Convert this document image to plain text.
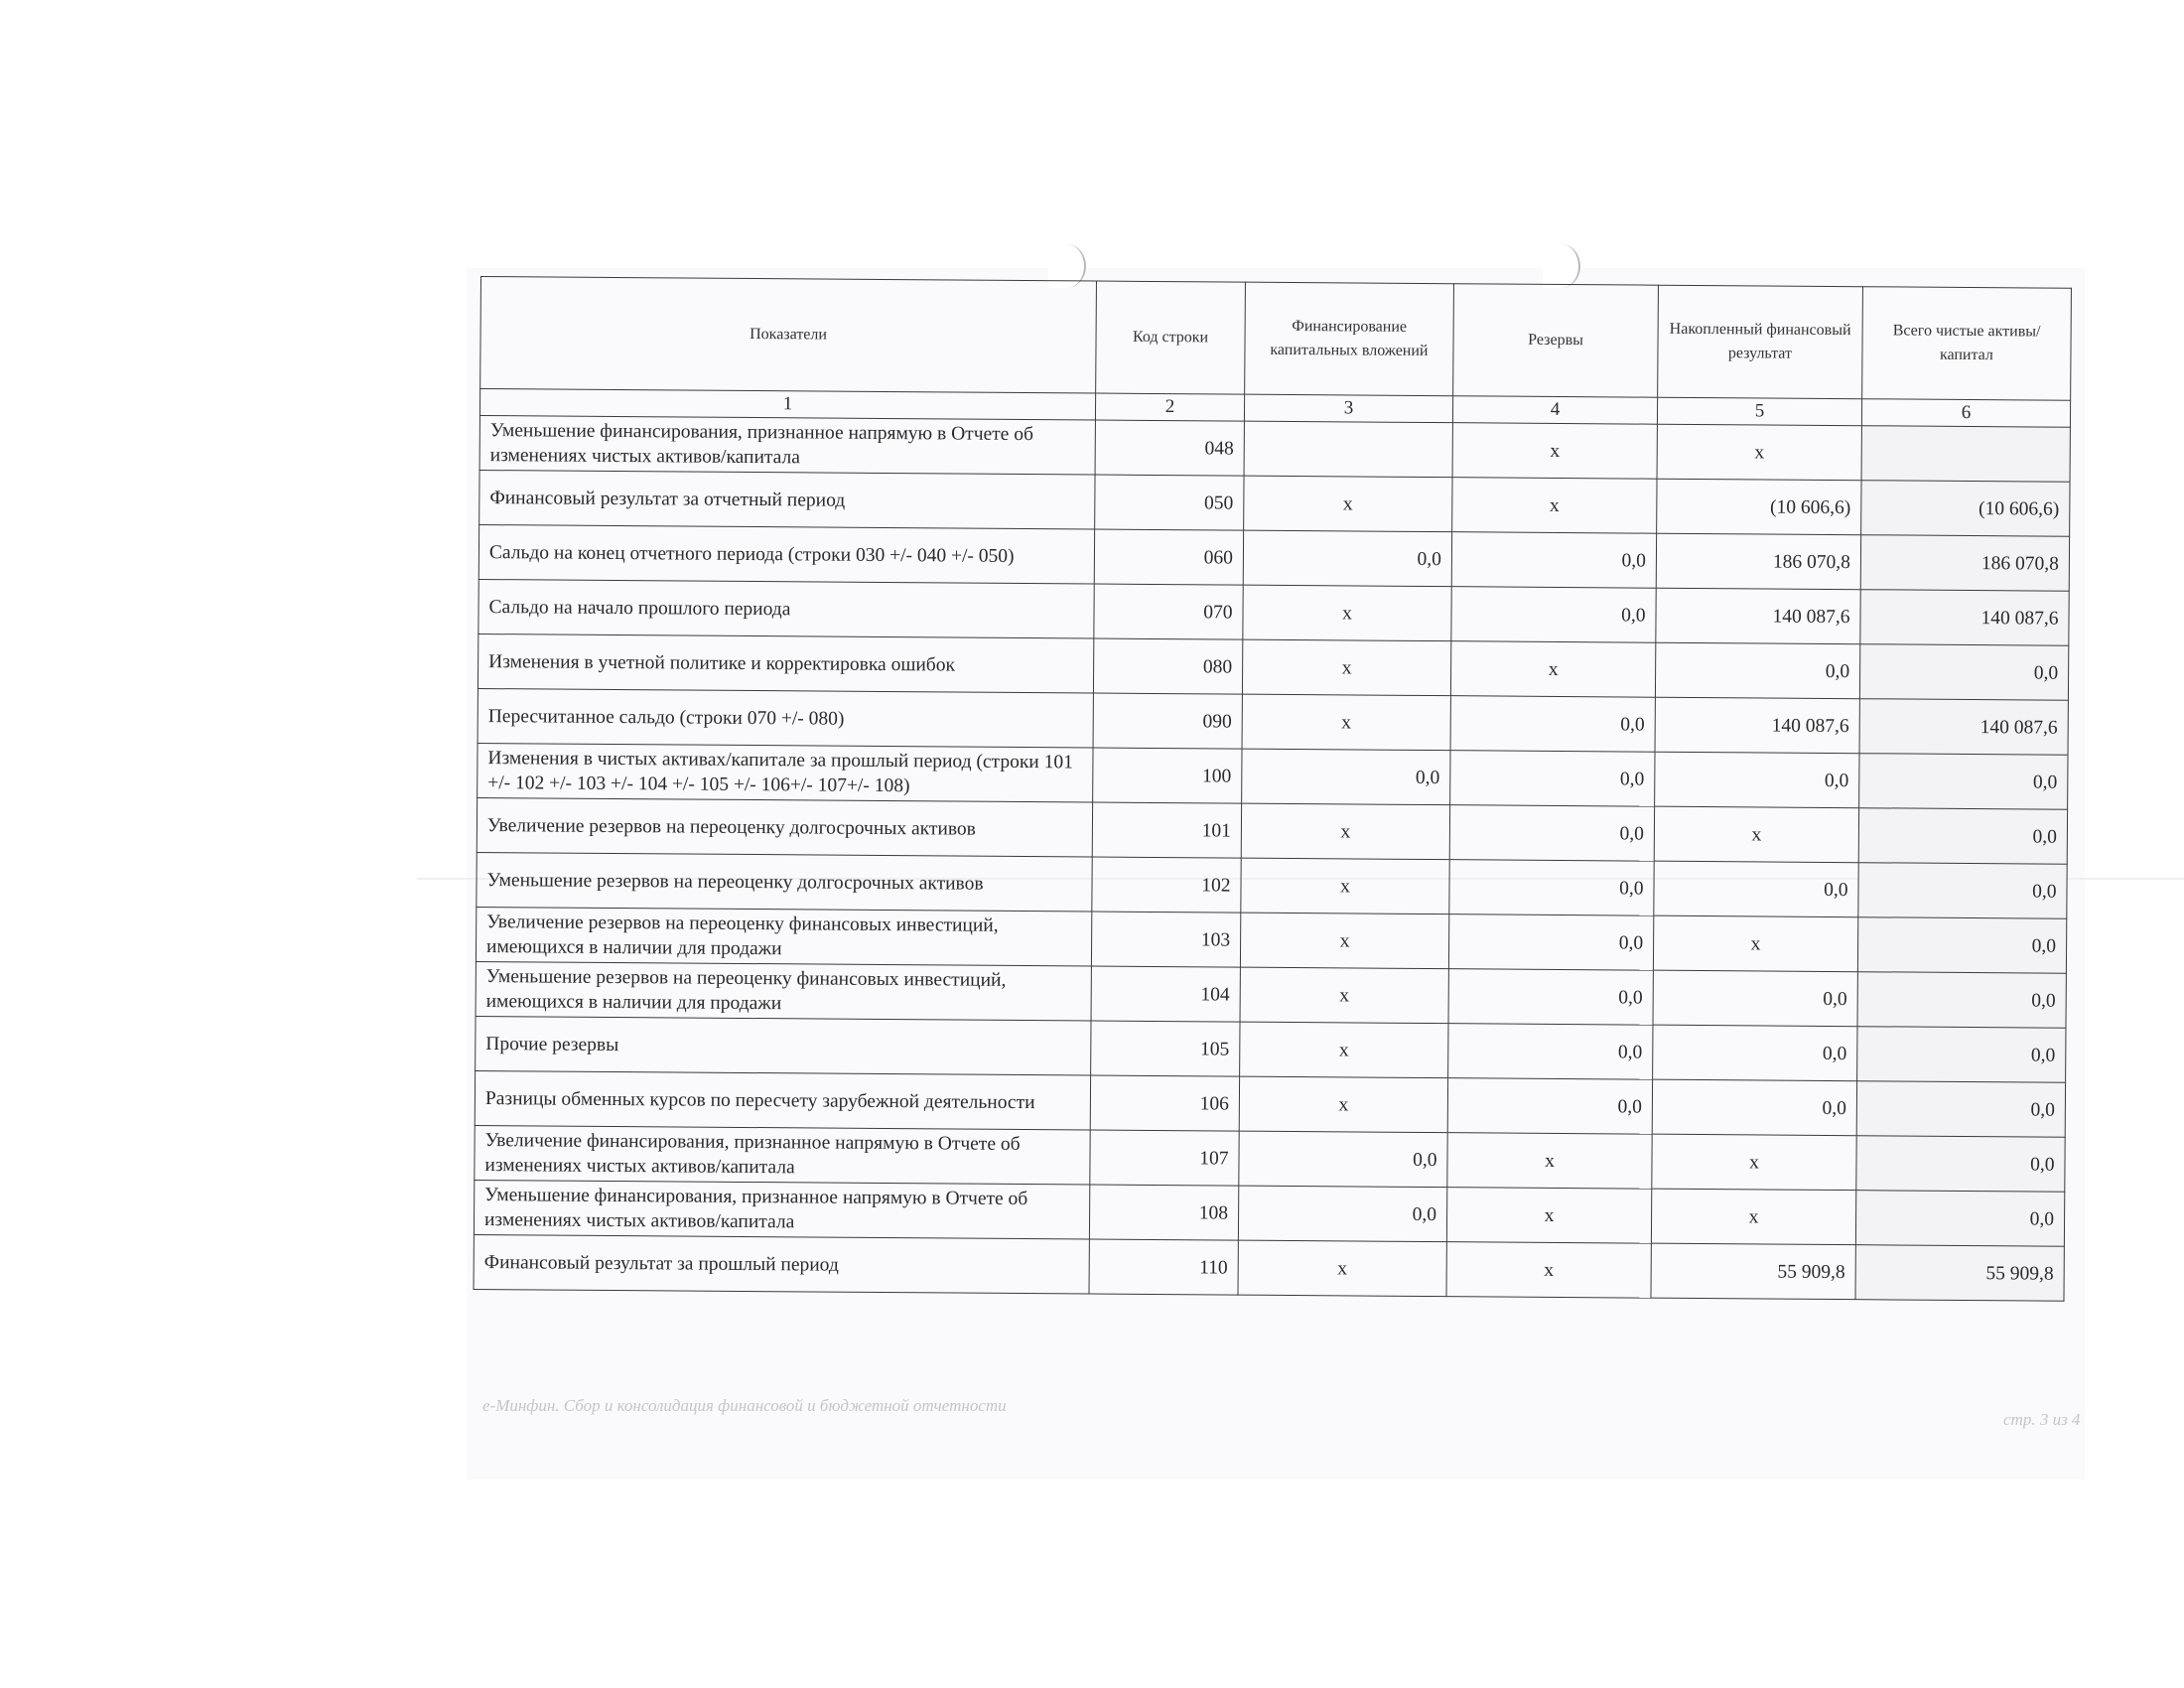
Показатели	Код строки	Финансирование капитальных вложений	Резервы	Накопленный финансовый результат	Всего чистые активы/ капитал
1	2	3	4	5	6
Уменьшение финансирования, признанное напрямую в Отчете об изменениях чистых активов/капитала	048		x	x	
Финансовый результат за отчетный период	050	x	x	(10 606,6)	(10 606,6)
Сальдо на конец отчетного периода (строки 030 +/- 040 +/- 050)	060	0,0	0,0	186 070,8	186 070,8
Сальдо на начало прошлого периода	070	x	0,0	140 087,6	140 087,6
Изменения в учетной политике и корректировка ошибок	080	x	x	0,0	0,0
Пересчитанное сальдо (строки 070 +/- 080)	090	x	0,0	140 087,6	140 087,6
Изменения в чистых активах/капитале за прошлый период (строки 101 +/- 102 +/- 103 +/- 104 +/- 105 +/- 106+/- 107+/- 108)	100	0,0	0,0	0,0	0,0
Увеличение резервов на переоценку долгосрочных активов	101	x	0,0	x	0,0
Уменьшение резервов на переоценку долгосрочных активов	102	x	0,0	0,0	0,0
Увеличение резервов на переоценку финансовых инвестиций, имеющихся в наличии для продажи	103	x	0,0	x	0,0
Уменьшение резервов на переоценку финансовых инвестиций, имеющихся в наличии для продажи	104	x	0,0	0,0	0,0
Прочие резервы	105	x	0,0	0,0	0,0
Разницы обменных курсов по пересчету зарубежной деятельности	106	x	0,0	0,0	0,0
Увеличение финансирования, признанное напрямую в Отчете об изменениях чистых активов/капитала	107	0,0	x	x	0,0
Уменьшение финансирования, признанное напрямую в Отчете об изменениях чистых активов/капитала	108	0,0	x	x	0,0
Финансовый результат за прошлый период	110	x	x	55 909,8	55 909,8
е-Минфин. Сбор и консолидация финансовой и бюджетной отчетности
стр. 3 из 4
